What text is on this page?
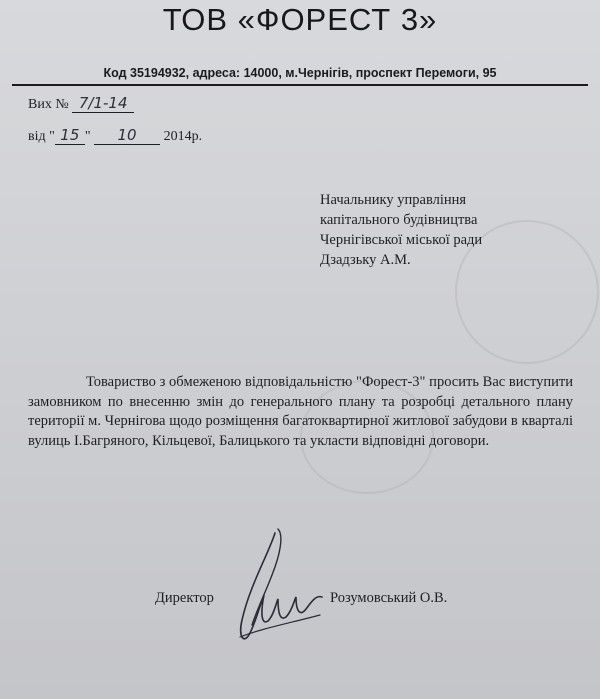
ТОВ «ФОРЕСТ 3»
Код 35194932, адреса: 14000, м.Чернігів, проспект Перемоги, 95
Вих № 7/1-14
від " 15 " 10 2014р.
Начальнику управління
капітального будівництва
Чернігівської міської ради
Дзадзьку А.М.
Товариство з обмеженою відповідальністю "Форест-3" просить Вас виступити замовником по внесенню змін до генерального плану та розробці детального плану території м. Чернігова щодо розміщення багатоквартирної житлової забудови в кварталі вулиць І.Багряного, Кільцевої, Балицького та укласти відповідні договори.
Директор	Розумовський О.В.
